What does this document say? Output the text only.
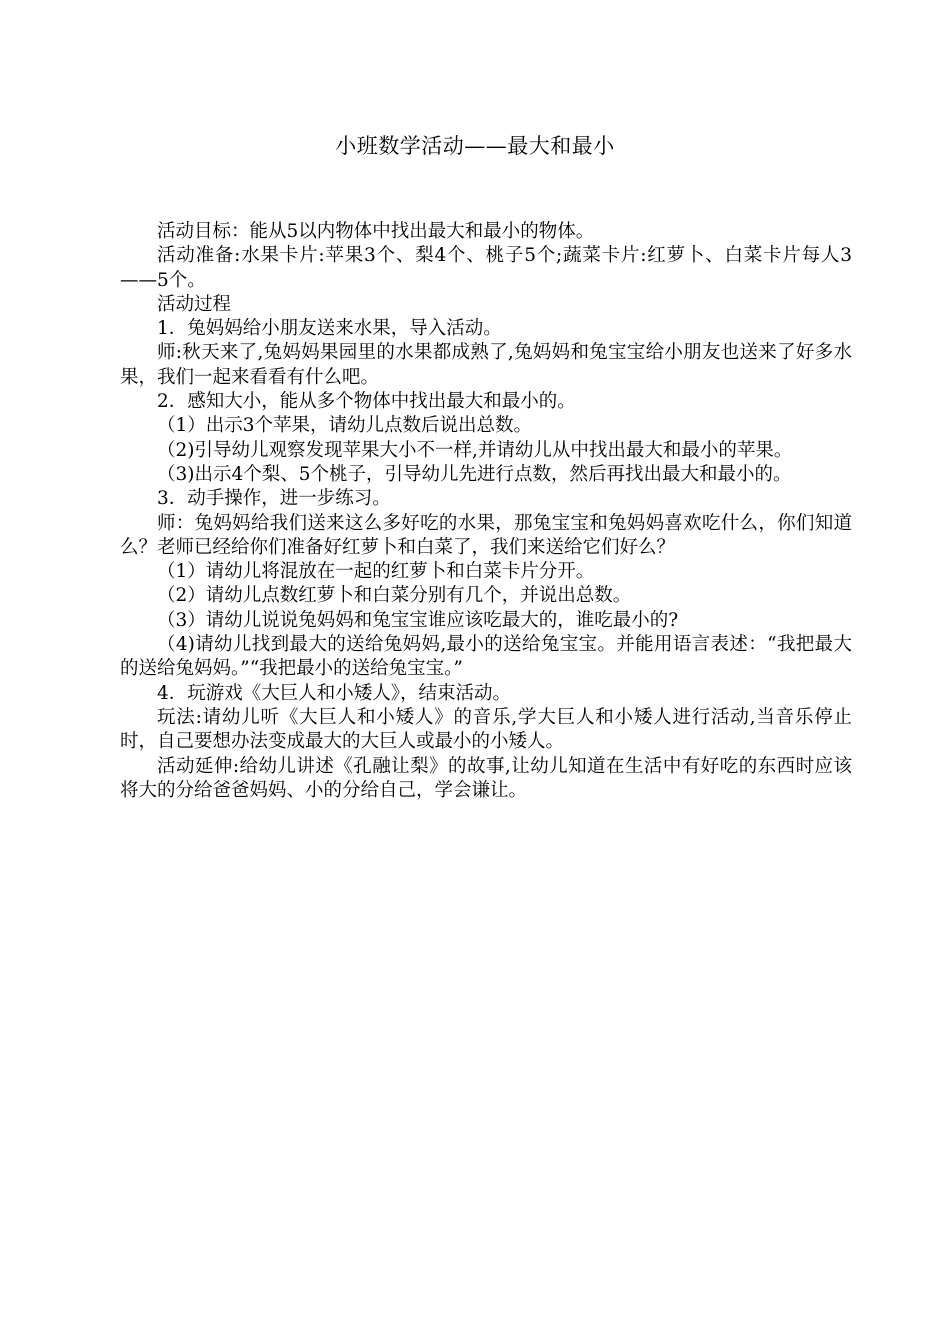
小班数学活动——最大和最小

活动目标：能从5以内物体中找出最大和最小的物体。

活动准备:水果卡片:苹果3个、梨4个、桃子5个;蔬菜卡片:红萝卜、白菜卡片每人3——5个。

活动过程

1．兔妈妈给小朋友送来水果，导入活动。

师:秋天来了,兔妈妈果园里的水果都成熟了,兔妈妈和兔宝宝给小朋友也送来了好多水果，我们一起来看看有什么吧。

2．感知大小，能从多个物体中找出最大和最小的。

（1）出示3个苹果，请幼儿点数后说出总数。

（2)引导幼儿观察发现苹果大小不一样,并请幼儿从中找出最大和最小的苹果。

（3)出示4个梨、5个桃子，引导幼儿先进行点数，然后再找出最大和最小的。

3．动手操作，进一步练习。

师：兔妈妈给我们送来这么多好吃的水果，那兔宝宝和兔妈妈喜欢吃什么，你们知道么？老师已经给你们准备好红萝卜和白菜了，我们来送给它们好么？

（1）请幼儿将混放在一起的红萝卜和白菜卡片分开。

（2）请幼儿点数红萝卜和白菜分别有几个，并说出总数。

（3）请幼儿说说兔妈妈和兔宝宝谁应该吃最大的，谁吃最小的?

（4)请幼儿找到最大的送给兔妈妈,最小的送给兔宝宝。并能用语言表述：“我把最大的送给兔妈妈。”“我把最小的送给兔宝宝。”

4．玩游戏《大巨人和小矮人》，结束活动。

玩法:请幼儿听《大巨人和小矮人》的音乐,学大巨人和小矮人进行活动,当音乐停止时，自己要想办法变成最大的大巨人或最小的小矮人。

活动延伸:给幼儿讲述《孔融让梨》的故事,让幼儿知道在生活中有好吃的东西时应该将大的分给爸爸妈妈、小的分给自己，学会谦让。
